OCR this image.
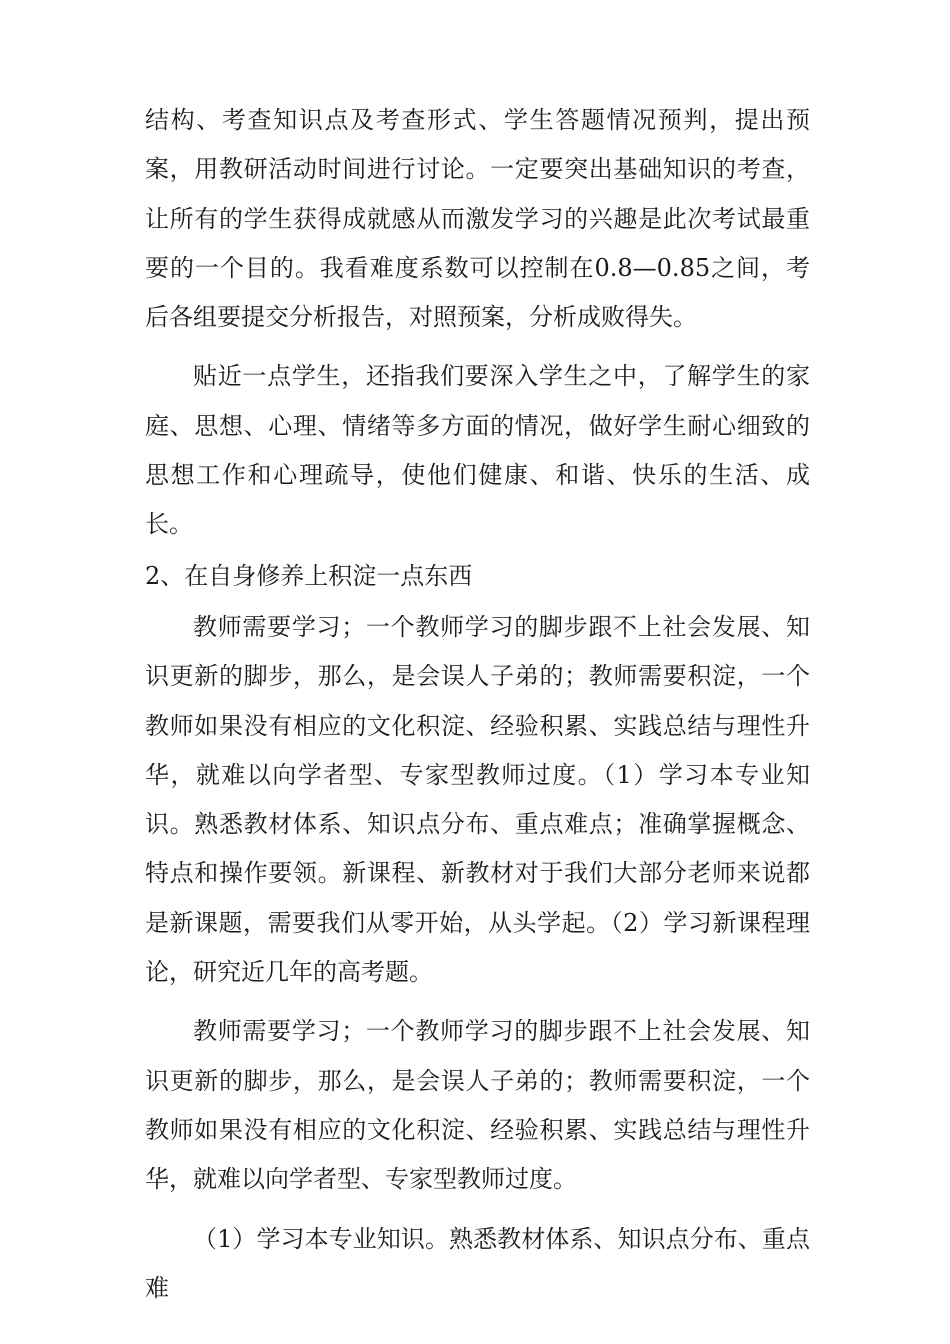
结构、考查知识点及考查形式、学生答题情况预判，提出预案，用教研活动时间进行讨论。一定要突出基础知识的考查，让所有的学生获得成就感从而激发学习的兴趣是此次考试最重要的一个目的。我看难度系数可以控制在0.8—0.85之间，考后各组要提交分析报告，对照预案，分析成败得失。

贴近一点学生，还指我们要深入学生之中，了解学生的家庭、思想、心理、情绪等多方面的情况，做好学生耐心细致的思想工作和心理疏导，使他们健康、和谐、快乐的生活、成长。

2、在自身修养上积淀一点东西

教师需要学习；一个教师学习的脚步跟不上社会发展、知识更新的脚步，那么，是会误人子弟的；教师需要积淀，一个教师如果没有相应的文化积淀、经验积累、实践总结与理性升华，就难以向学者型、专家型教师过度。（1）学习本专业知识。熟悉教材体系、知识点分布、重点难点；准确掌握概念、特点和操作要领。新课程、新教材对于我们大部分老师来说都是新课题，需要我们从零开始，从头学起。（2）学习新课程理论，研究近几年的高考题。

教师需要学习；一个教师学习的脚步跟不上社会发展、知识更新的脚步，那么，是会误人子弟的；教师需要积淀，一个教师如果没有相应的文化积淀、经验积累、实践总结与理性升华，就难以向学者型、专家型教师过度。

（1）学习本专业知识。熟悉教材体系、知识点分布、重点难
